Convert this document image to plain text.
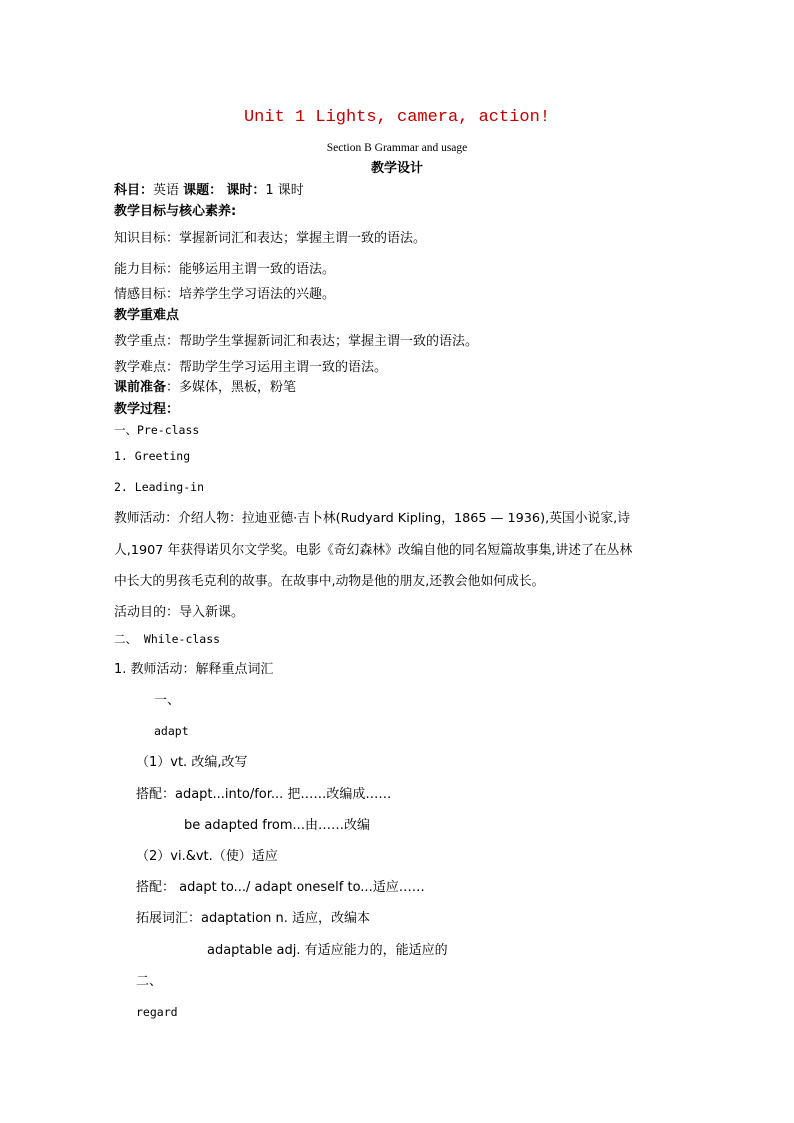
Unit 1 Lights, camera, action!
Section B Grammar and usage
教学设计
科目：英语 课题： 课时：1 课时
教学目标与核心素养:
知识目标：掌握新词汇和表达；掌握主谓一致的语法。
能力目标：能够运用主谓一致的语法。
情感目标：培养学生学习语法的兴趣。
教学重难点
教学重点：帮助学生掌握新词汇和表达；掌握主谓一致的语法。
教学难点：帮助学生学习运用主谓一致的语法。
课前准备：多媒体，黑板，粉笔
教学过程：
一、Pre-class
1. Greeting
2. Leading-in
教师活动：介绍人物：拉迪亚德·吉卜林(Rudyard Kipling，1865 — 1936),英国小说家,诗
人,1907 年获得诺贝尔文学奖。电影《奇幻森林》改编自他的同名短篇故事集,讲述了在丛林
中长大的男孩毛克利的故事。在故事中,动物是他的朋友,还教会他如何成长。
活动目的：导入新课。
二、 While-class
1. 教师活动：解释重点词汇
一、
adapt
（1）vt. 改编,改写
搭配：adapt...into/for... 把……改编成……
be adapted from...由……改编
（2）vi.&vt.（使）适应
搭配： adapt to.../ adapt oneself to...适应……
拓展词汇：adaptation n. 适应，改编本
adaptable adj. 有适应能力的，能适应的
二、
regard
